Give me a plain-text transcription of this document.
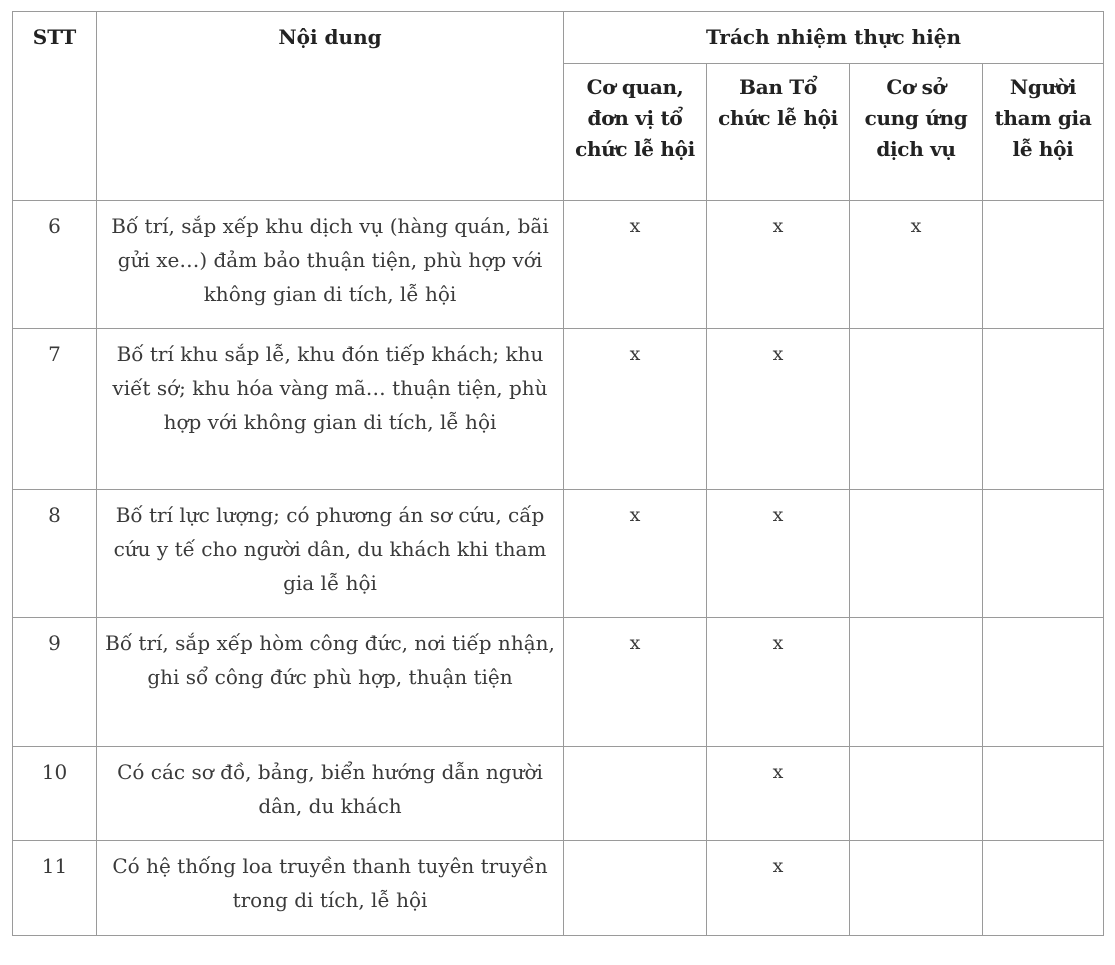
STT	Nội dung	Trách nhiệm thực hiện			
		Cơ quan, đơn vị tổ chức lễ hội	Ban Tổ chức lễ hội	Cơ sở cung ứng dịch vụ	Người tham gia lễ hội
6	Bố trí, sắp xếp khu dịch vụ (hàng quán, bãi gửi xe…) đảm bảo thuận tiện, phù hợp với không gian di tích, lễ hội	x	x	x	
7	Bố trí khu sắp lễ, khu đón tiếp khách; khu viết sớ; khu hóa vàng mã… thuận tiện, phù hợp với không gian di tích, lễ hội	x	x		
8	Bố trí lực lượng; có phương án sơ cứu, cấp cứu y tế cho người dân, du khách khi tham gia lễ hội	x	x		
9	Bố trí, sắp xếp hòm công đức, nơi tiếp nhận, ghi sổ công đức phù hợp, thuận tiện	x	x		
10	Có các sơ đồ, bảng, biển hướng dẫn người dân, du khách		x		
11	Có hệ thống loa truyền thanh tuyên truyền trong di tích, lễ hội		x		
